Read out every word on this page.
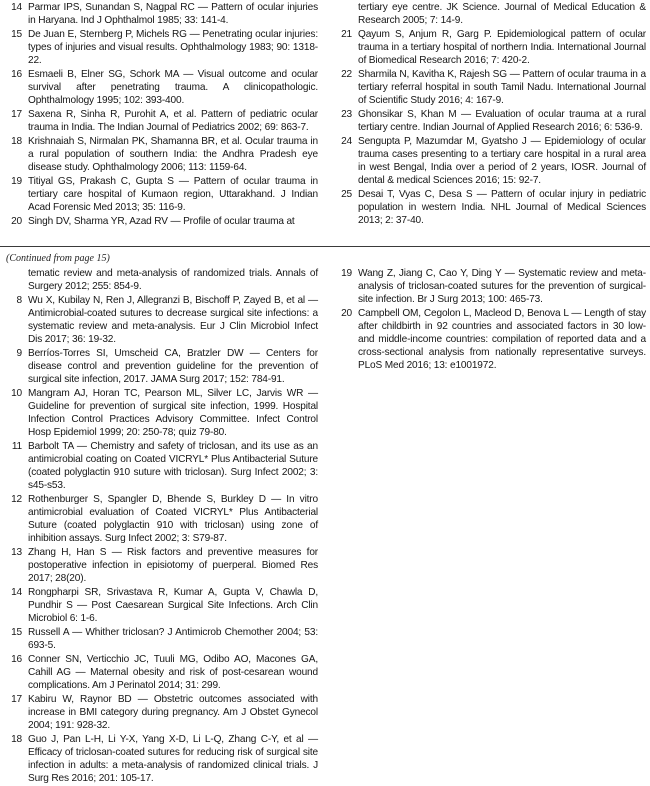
14 Parmar IPS, Sunandan S, Nagpal RC — Pattern of ocular injuries in Haryana. Ind J Ophthalmol 1985; 33: 141-4.
15 De Juan E, Sternberg P, Michels RG — Penetrating ocular injuries: types of injuries and visual results. Ophthalmology 1983; 90: 1318-22.
16 Esmaeli B, Elner SG, Schork MA — Visual outcome and ocular survival after penetrating trauma. A clinicopathologic. Ophthalmology 1995; 102: 393-400.
17 Saxena R, Sinha R, Purohit A, et al. Pattern of pediatric ocular trauma in India. The Indian Journal of Pediatrics 2002; 69: 863-7.
18 Krishnaiah S, Nirmalan PK, Shamanna BR, et al. Ocular trauma in a rural population of southern India: the Andhra Pradesh eye disease study. Ophthalmology 2006; 113: 1159-64.
19 Titiyal GS, Prakash C, Gupta S — Pattern of ocular trauma in tertiary care hospital of Kumaon region, Uttarakhand. J Indian Acad Forensic Med 2013; 35: 116-9.
20 Singh DV, Sharma YR, Azad RV — Profile of ocular trauma at
tertiary eye centre. JK Science. Journal of Medical Education & Research 2005; 7: 14-9.
21 Qayum S, Anjum R, Garg P. Epidemiological pattern of ocular trauma in a tertiary hospital of northern India. International Journal of Biomedical Research 2016; 7: 420-2.
22 Sharmila N, Kavitha K, Rajesh SG — Pattern of ocular trauma in a tertiary referral hospital in south Tamil Nadu. International Journal of Scientific Study 2016; 4: 167-9.
23 Ghonsikar S, Khan M — Evaluation of ocular trauma at a rural tertiary centre. Indian Journal of Applied Research 2016; 6: 536-9.
24 Sengupta P, Mazumdar M, Gyatsho J — Epidemiology of ocular trauma cases presenting to a tertiary care hospital in a rural area in west Bengal, India over a period of 2 years, IOSR. Journal of dental & medical Sciences 2016; 15: 92-7.
25 Desai T, Vyas C, Desa S — Pattern of ocular injury in pediatric population in western India. NHL Journal of Medical Sciences 2013; 2: 37-40.
(Continued from page 15)
tematic review and meta-analysis of randomized trials. Annals of Surgery 2012; 255: 854-9.
8 Wu X, Kubilay N, Ren J, Allegranzi B, Bischoff P, Zayed B, et al — Antimicrobial-coated sutures to decrease surgical site infections: a systematic review and meta-analysis. Eur J Clin Microbiol Infect Dis 2017; 36: 19-32.
9 Berríos-Torres SI, Umscheid CA, Bratzler DW — Centers for disease control and prevention guideline for the prevention of surgical site infection, 2017. JAMA Surg 2017; 152: 784-91.
10 Mangram AJ, Horan TC, Pearson ML, Silver LC, Jarvis WR — Guideline for prevention of surgical site infection, 1999. Hospital Infection Control Practices Advisory Committee. Infect Control Hosp Epidemiol 1999; 20: 250-78; quiz 79-80.
11 Barbolt TA — Chemistry and safety of triclosan, and its use as an antimicrobial coating on Coated VICRYL* Plus Antibacterial Suture (coated polyglactin 910 suture with triclosan). Surg Infect 2002; 3: s45-s53.
12 Rothenburger S, Spangler D, Bhende S, Burkley D — In vitro antimicrobial evaluation of Coated VICRYL* Plus Antibacterial Suture (coated polyglactin 910 with triclosan) using zone of inhibition assays. Surg Infect 2002; 3: S79-87.
13 Zhang H, Han S — Risk factors and preventive measures for postoperative infection in episiotomy of puerperal. Biomed Res 2017; 28(20).
14 Rongpharpi SR, Srivastava R, Kumar A, Gupta V, Chawla D, Pundhir S — Post Caesarean Surgical Site Infections. Arch Clin Microbiol 6: 1-6.
15 Russell A — Whither triclosan? J Antimicrob Chemother 2004; 53: 693-5.
16 Conner SN, Verticchio JC, Tuuli MG, Odibo AO, Macones GA, Cahill AG — Maternal obesity and risk of post-cesarean wound complications. Am J Perinatol 2014; 31: 299.
17 Kabiru W, Raynor BD — Obstetric outcomes associated with increase in BMI category during pregnancy. Am J Obstet Gynecol 2004; 191: 928-32.
18 Guo J, Pan L-H, Li Y-X, Yang X-D, Li L-Q, Zhang C-Y, et al — Efficacy of triclosan-coated sutures for reducing risk of surgical site infection in adults: a meta-analysis of randomized clinical trials. J Surg Res 2016; 201: 105-17.
19 Wang Z, Jiang C, Cao Y, Ding Y — Systematic review and meta-analysis of triclosan-coated sutures for the prevention of surgical-site infection. Br J Surg 2013; 100: 465-73.
20 Campbell OM, Cegolon L, Macleod D, Benova L — Length of stay after childbirth in 92 countries and associated factors in 30 low-and middle-income countries: compilation of reported data and a cross-sectional analysis from nationally representative surveys. PLoS Med 2016; 13: e1001972.
